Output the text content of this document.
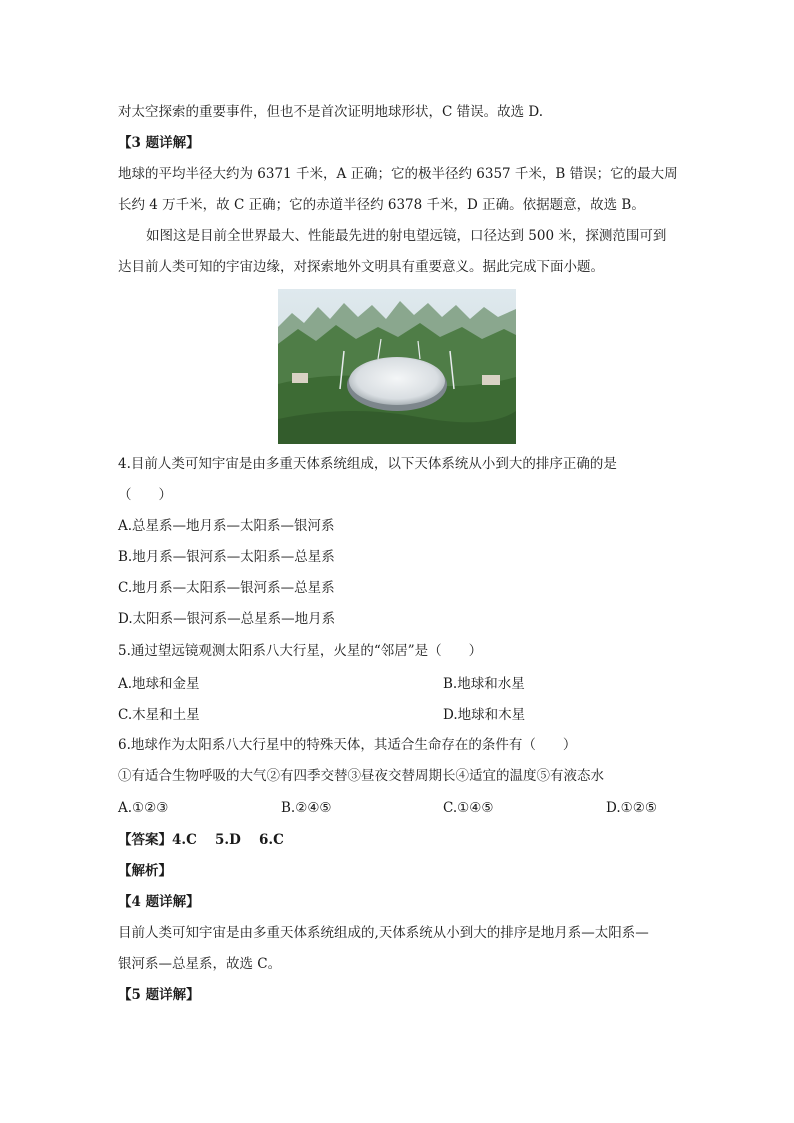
对太空探索的重要事件，但也不是首次证明地球形状，C 错误。故选 D.
【3 题详解】
地球的平均半径大约为 6371 千米，A 正确；它的极半径约 6357 千米，B 错误；它的最大周
长约 4 万千米，故 C 正确；它的赤道半径约 6378 千米，D 正确。依据题意，故选 B。
如图这是目前全世界最大、性能最先进的射电望远镜，口径达到 500 米，探测范围可到
达目前人类可知的宇宙边缘，对探索地外文明具有重要意义。据此完成下面小题。
4.目前人类可知宇宙是由多重天体系统组成，以下天体系统从小到大的排序正确的是
（　　）
A.总星系—地月系—太阳系—银河系
B.地月系—银河系—太阳系—总星系
C.地月系—太阳系—银河系—总星系
D.太阳系—银河系—总星系—地月系
5.通过望远镜观测太阳系八大行星，火星的“邻居”是（　　）
A.地球和金星	B.地球和水星
C.木星和土星	D.地球和木星
6.地球作为太阳系八大行星中的特殊天体，其适合生命存在的条件有（　　）
①有适合生物呼吸的大气②有四季交替③昼夜交替周期长④适宜的温度⑤有液态水
A.①②③	B.②④⑤	C.①④⑤	D.①②⑤
【答案】4.C　 5.D　 6.C
【解析】
【4 题详解】
目前人类可知宇宙是由多重天体系统组成的,天体系统从小到大的排序是地月系—太阳系—
银河系—总星系，故选 C。
【5 题详解】
